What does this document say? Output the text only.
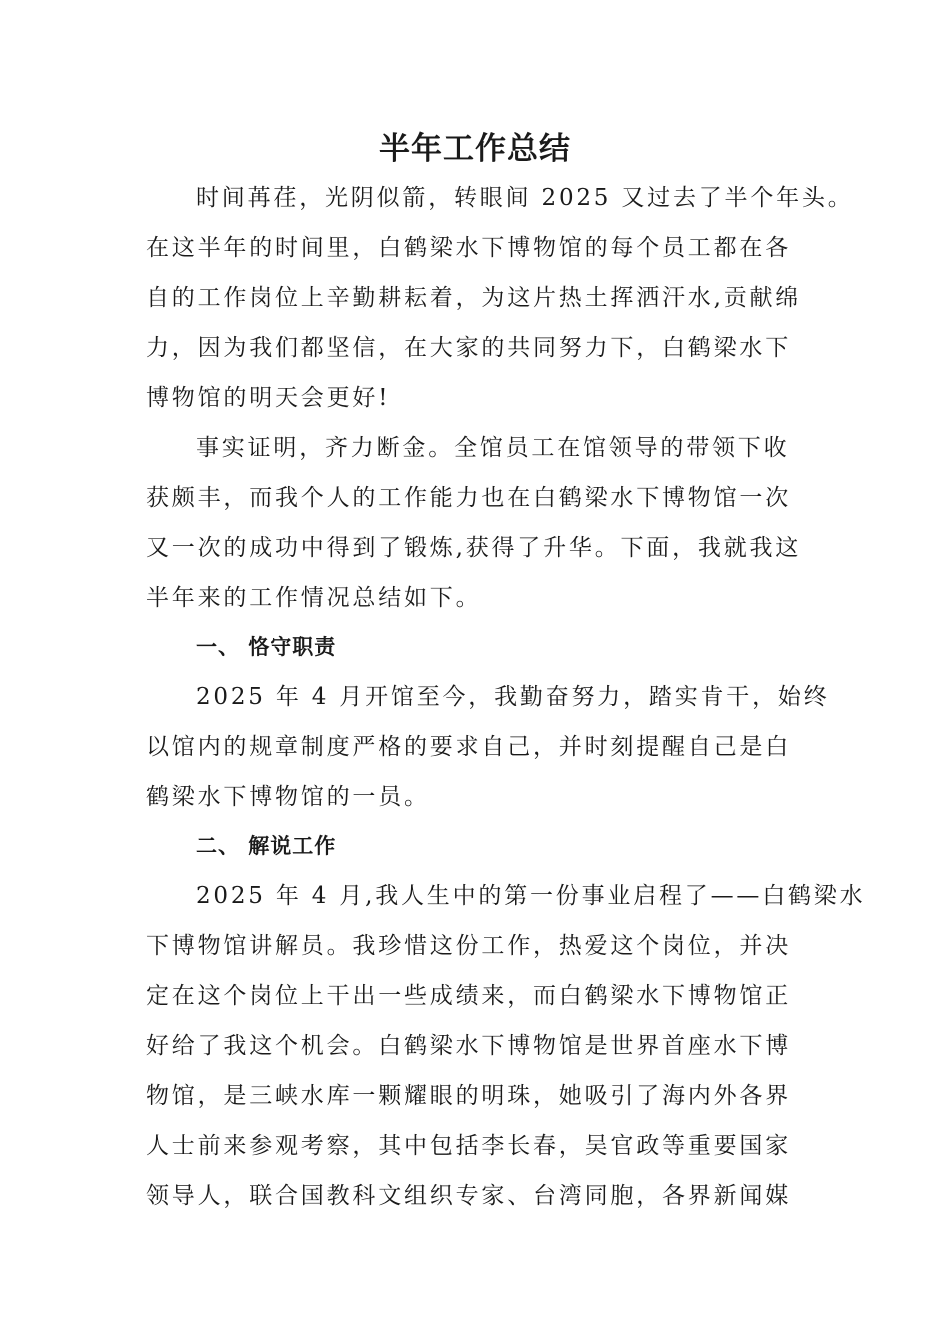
半年工作总结
时间苒荏，光阴似箭，转眼间 2025 又过去了半个年头。
在这半年的时间里，白鹤梁水下博物馆的每个员工都在各
自的工作岗位上辛勤耕耘着，为这片热土挥洒汗水,贡献绵
力，因为我们都坚信，在大家的共同努力下，白鹤梁水下
博物馆的明天会更好!
事实证明，齐力断金。全馆员工在馆领导的带领下收
获颇丰，而我个人的工作能力也在白鹤梁水下博物馆一次
又一次的成功中得到了锻炼,获得了升华。下面，我就我这
半年来的工作情况总结如下。
一、 恪守职责
2025 年 4 月开馆至今，我勤奋努力，踏实肯干，始终
以馆内的规章制度严格的要求自己，并时刻提醒自己是白
鹤梁水下博物馆的一员。
二、 解说工作
2025 年 4 月,我人生中的第一份事业启程了——白鹤梁水
下博物馆讲解员。我珍惜这份工作，热爱这个岗位，并决
定在这个岗位上干出一些成绩来，而白鹤梁水下博物馆正
好给了我这个机会。白鹤梁水下博物馆是世界首座水下博
物馆，是三峡水库一颗耀眼的明珠，她吸引了海内外各界
人士前来参观考察，其中包括李长春，吴官政等重要国家
领导人，联合国教科文组织专家、台湾同胞，各界新闻媒
